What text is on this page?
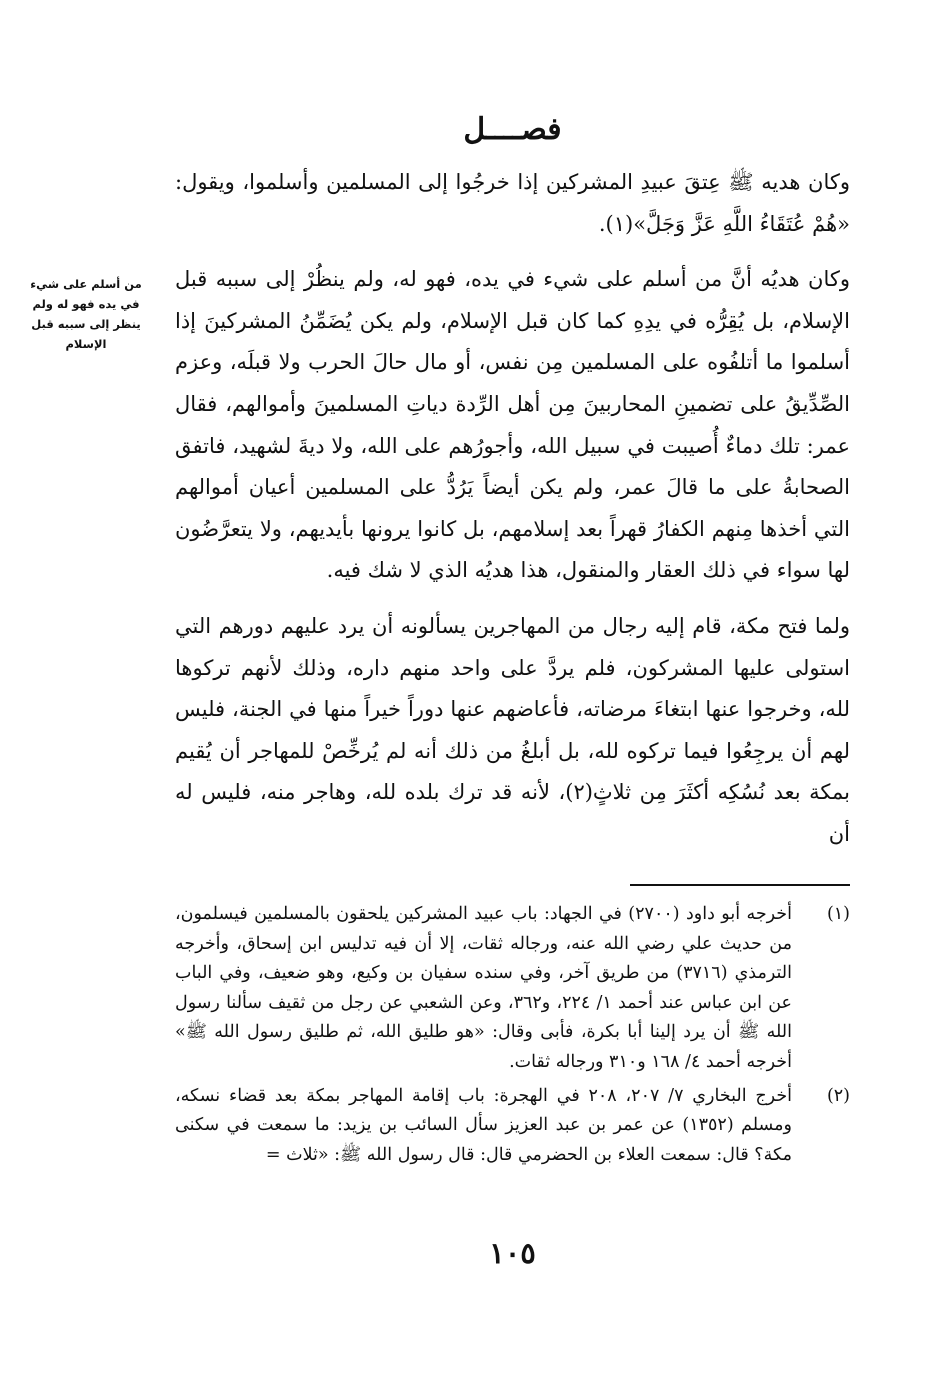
فصــــل

وكان هديه ﷺ عِتقَ عبيدِ المشركين إذا خرجُوا إلى المسلمين وأسلموا، ويقول: «هُمْ عُتَقَاءُ اللَّهِ عَزَّ وَجَلَّ»(١).

وكان هديُه أنَّ من أسلم على شيء في يده، فهو له، ولم ينظُرْ إلى سببه قبل الإسلام، بل يُقِرُّه في يدِهِ كما كان قبل الإسلام، ولم يكن يُضَمِّنُ المشركينَ إذا أسلموا ما أتلفُوه على المسلمين مِن نفس، أو مال حالَ الحرب ولا قبلَه، وعزم الصِّدِّيقُ على تضمينِ المحاربينَ مِن أهل الرِّدة دياتِ المسلمينَ وأموالهم، فقال عمر: تلك دماءٌ أُصيبت في سبيل الله، وأجورُهم على الله، ولا ديةَ لشهيد، فاتفق الصحابةُ على ما قالَ عمر، ولم يكن أيضاً يَرُدُّ على المسلمين أعيان أموالهم التي أخذها مِنهم الكفارُ قهراً بعد إسلامهم، بل كانوا يرونها بأيديهم، ولا يتعرَّضُون لها سواء في ذلك العقار والمنقول، هذا هديُه الذي لا شك فيه.

ولما فتح مكة، قام إليه رجال من المهاجرين يسألونه أن يرد عليهم دورهم التي استولى عليها المشركون، فلم يردَّ على واحد منهم داره، وذلك لأنهم تركوها لله، وخرجوا عنها ابتغاءَ مرضاته، فأعاضهم عنها دوراً خيراً منها في الجنة، فليس لهم أن يرجِعُوا فيما تركوه لله، بل أبلغُ من ذلك أنه لم يُرخِّصْ للمهاجر أن يُقيم بمكة بعد نُسُكِه أكثَرَ مِن ثلاثٍ(٢)، لأنه قد ترك بلده لله، وهاجر منه، فليس له أن

من أسلم على شيء في يده فهو له ولم ينظر إلى سببه قبل الإسلام
(١)
أخرجه أبو داود (٢٧٠٠) في الجهاد: باب عبيد المشركين يلحقون بالمسلمين فيسلمون، من حديث علي رضي الله عنه، ورجاله ثقات، إلا أن فيه تدليس ابن إسحاق، وأخرجه الترمذي (٣٧١٦) من طريق آخر، وفي سنده سفيان بن وكيع، وهو ضعيف، وفي الباب عن ابن عباس عند أحمد ١/ ٢٢٤، و٣٦٢، وعن الشعبي عن رجل من ثقيف سألنا رسول الله ﷺ أن يرد إلينا أبا بكرة، فأبى وقال: «هو طليق الله، ثم طليق رسول الله ﷺ» أخرجه أحمد ٤/ ١٦٨ و٣١٠ ورجاله ثقات.
(٢)
أخرج البخاري ٧/ ٢٠٧، ٢٠٨ في الهجرة: باب إقامة المهاجر بمكة بعد قضاء نسكه، ومسلم (١٣٥٢) عن عمر بن عبد العزيز سأل السائب بن يزيد: ما سمعت في سكنى مكة؟ قال: سمعت العلاء بن الحضرمي قال: قال رسول الله ﷺ: «ثلاث =
١٠٥
